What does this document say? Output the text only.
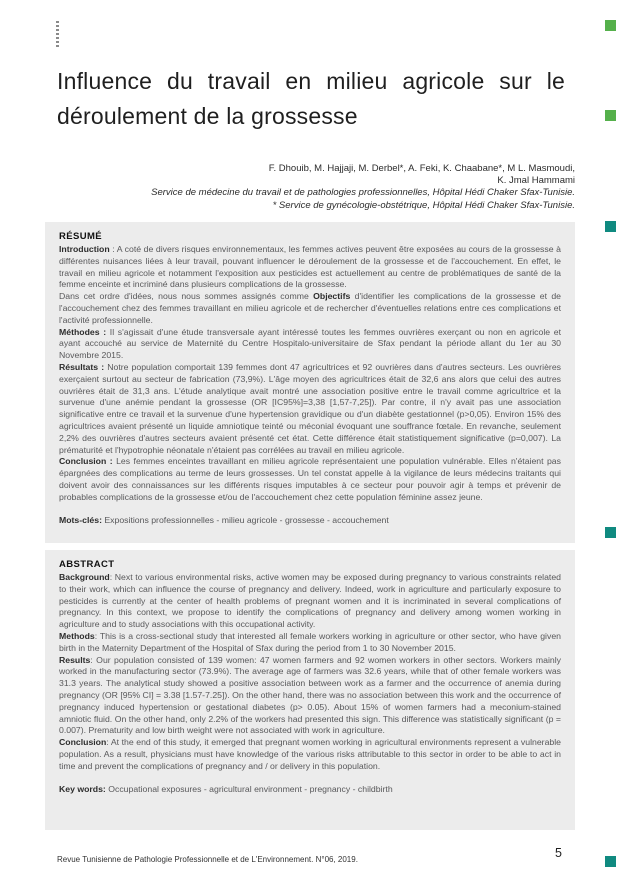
Influence du travail en milieu agricole sur le déroulement de la grossesse
F. Dhouib, M. Hajjaji, M. Derbel*, A. Feki, K. Chaabane*, M L. Masmoudi,
K. Jmal Hammami
Service de médecine du travail et de pathologies professionnelles, Hôpital Hédi Chaker Sfax-Tunisie.
* Service de gynécologie-obstétrique, Hôpital Hédi Chaker Sfax-Tunisie.

RÉSUMÉ

Introduction : A coté de divers risques environnementaux, les femmes actives peuvent être exposées au cours de la grossesse à différentes nuisances liées à leur travail, pouvant influencer le déroulement de la grossesse et de l'accouchement. En effet, le travail en milieu agricole et notamment l'exposition aux pesticides est actuellement au centre de problématiques de santé de la femme enceinte et incriminé dans plusieurs complications de la grossesse.

Dans cet ordre d'idées, nous nous sommes assignés comme Objectifs d'identifier les complications de la grossesse et de l'accouchement chez des femmes travaillant en milieu agricole et de rechercher d'éventuelles relations entre ces complications et l'activité professionnelle.

Méthodes : Il s'agissait d'une étude transversale ayant intéressé toutes les femmes ouvrières exerçant ou non en agricole et ayant accouché au service de Maternité du Centre Hospitalo-universitaire de Sfax pendant la période allant du 1er au 30 Novembre 2015.

Résultats : Notre population comportait 139 femmes dont 47 agricultrices et 92 ouvrières dans d'autres secteurs. Les ouvrières exerçaient surtout au secteur de fabrication (73,9%). L'âge moyen des agricultrices était de 32,6 ans alors que celui des autres ouvrières était de 31,3 ans. L'étude analytique avait montré une association positive entre le travail comme agricultrice et la survenue d'une anémie pendant la grossesse (OR [IC95%]=3,38 [1,57-7,25]). Par contre, il n'y avait pas une association significative entre ce travail et la survenue d'une hypertension gravidique ou d'un diabète gestationnel (p>0,05). Environ 15% des agricultrices avaient présenté un liquide amniotique teinté ou méconial évoquant une souffrance fœtale. En revanche, seulement 2,2% des ouvrières d'autres secteurs avaient présenté cet état. Cette différence était statistiquement significative (p=0,007). La prématurité et l'hypotrophie néonatale n'étaient pas corrélées au travail en milieu agricole.

Conclusion : Les femmes enceintes travaillant en milieu agricole représentaient une population vulnérable. Elles n'étaient pas épargnées des complications au terme de leurs grossesses. Un tel constat appelle à la vigilance de leurs médecins traitants qui doivent avoir des connaissances sur les différents risques imputables à ce secteur pour pouvoir agir à temps et prévenir de probables complications de la grossesse et/ou de l'accouchement chez cette population féminine assez jeune.

Mots-clés: Expositions professionnelles - milieu agricole - grossesse - accouchement

ABSTRACT

Background: Next to various environmental risks, active women may be exposed during pregnancy to various constraints related to their work, which can influence the course of pregnancy and delivery. Indeed, work in agriculture and particularly exposure to pesticides is currently at the center of health problems of pregnant women and it is incriminated in several complications of pregnancy. In this context, we propose to identify the complications of pregnancy and delivery among women working in agriculture and to study associations with this occupational activity.

Methods: This is a cross-sectional study that interested all female workers working in agriculture or other sector, who have given birth in the Maternity Department of the Hospital of Sfax during the period from 1 to 30 November 2015.

Results: Our population consisted of 139 women: 47 women farmers and 92 women workers in other sectors. Workers mainly worked in the manufacturing sector (73.9%). The average age of farmers was 32.6 years, while that of other female workers was 31.3 years. The analytical study showed a positive association between work as a farmer and the occurrence of anemia during pregnancy (OR [95% CI] = 3.38 [1.57-7.25]). On the other hand, there was no association between this work and the occurrence of pregnancy induced hypertension or gestational diabetes (p> 0.05). About 15% of women farmers had a meconium-stained amniotic fluid. On the other hand, only 2.2% of the workers had presented this sign. This difference was statistically significant (p = 0.007). Prematurity and low birth weight were not associated with work in agriculture.

Conclusion: At the end of this study, it emerged that pregnant women working in agricultural environments represent a vulnerable population. As a result, physicians must have knowledge of the various risks attributable to this sector in order to be able to act in time and prevent the complications of pregnancy and / or delivery in this population.

Key words: Occupational exposures - agricultural environment - pregnancy - childbirth

Revue Tunisienne de Pathologie Professionnelle et de L'Environnement. N°06, 2019.	5
